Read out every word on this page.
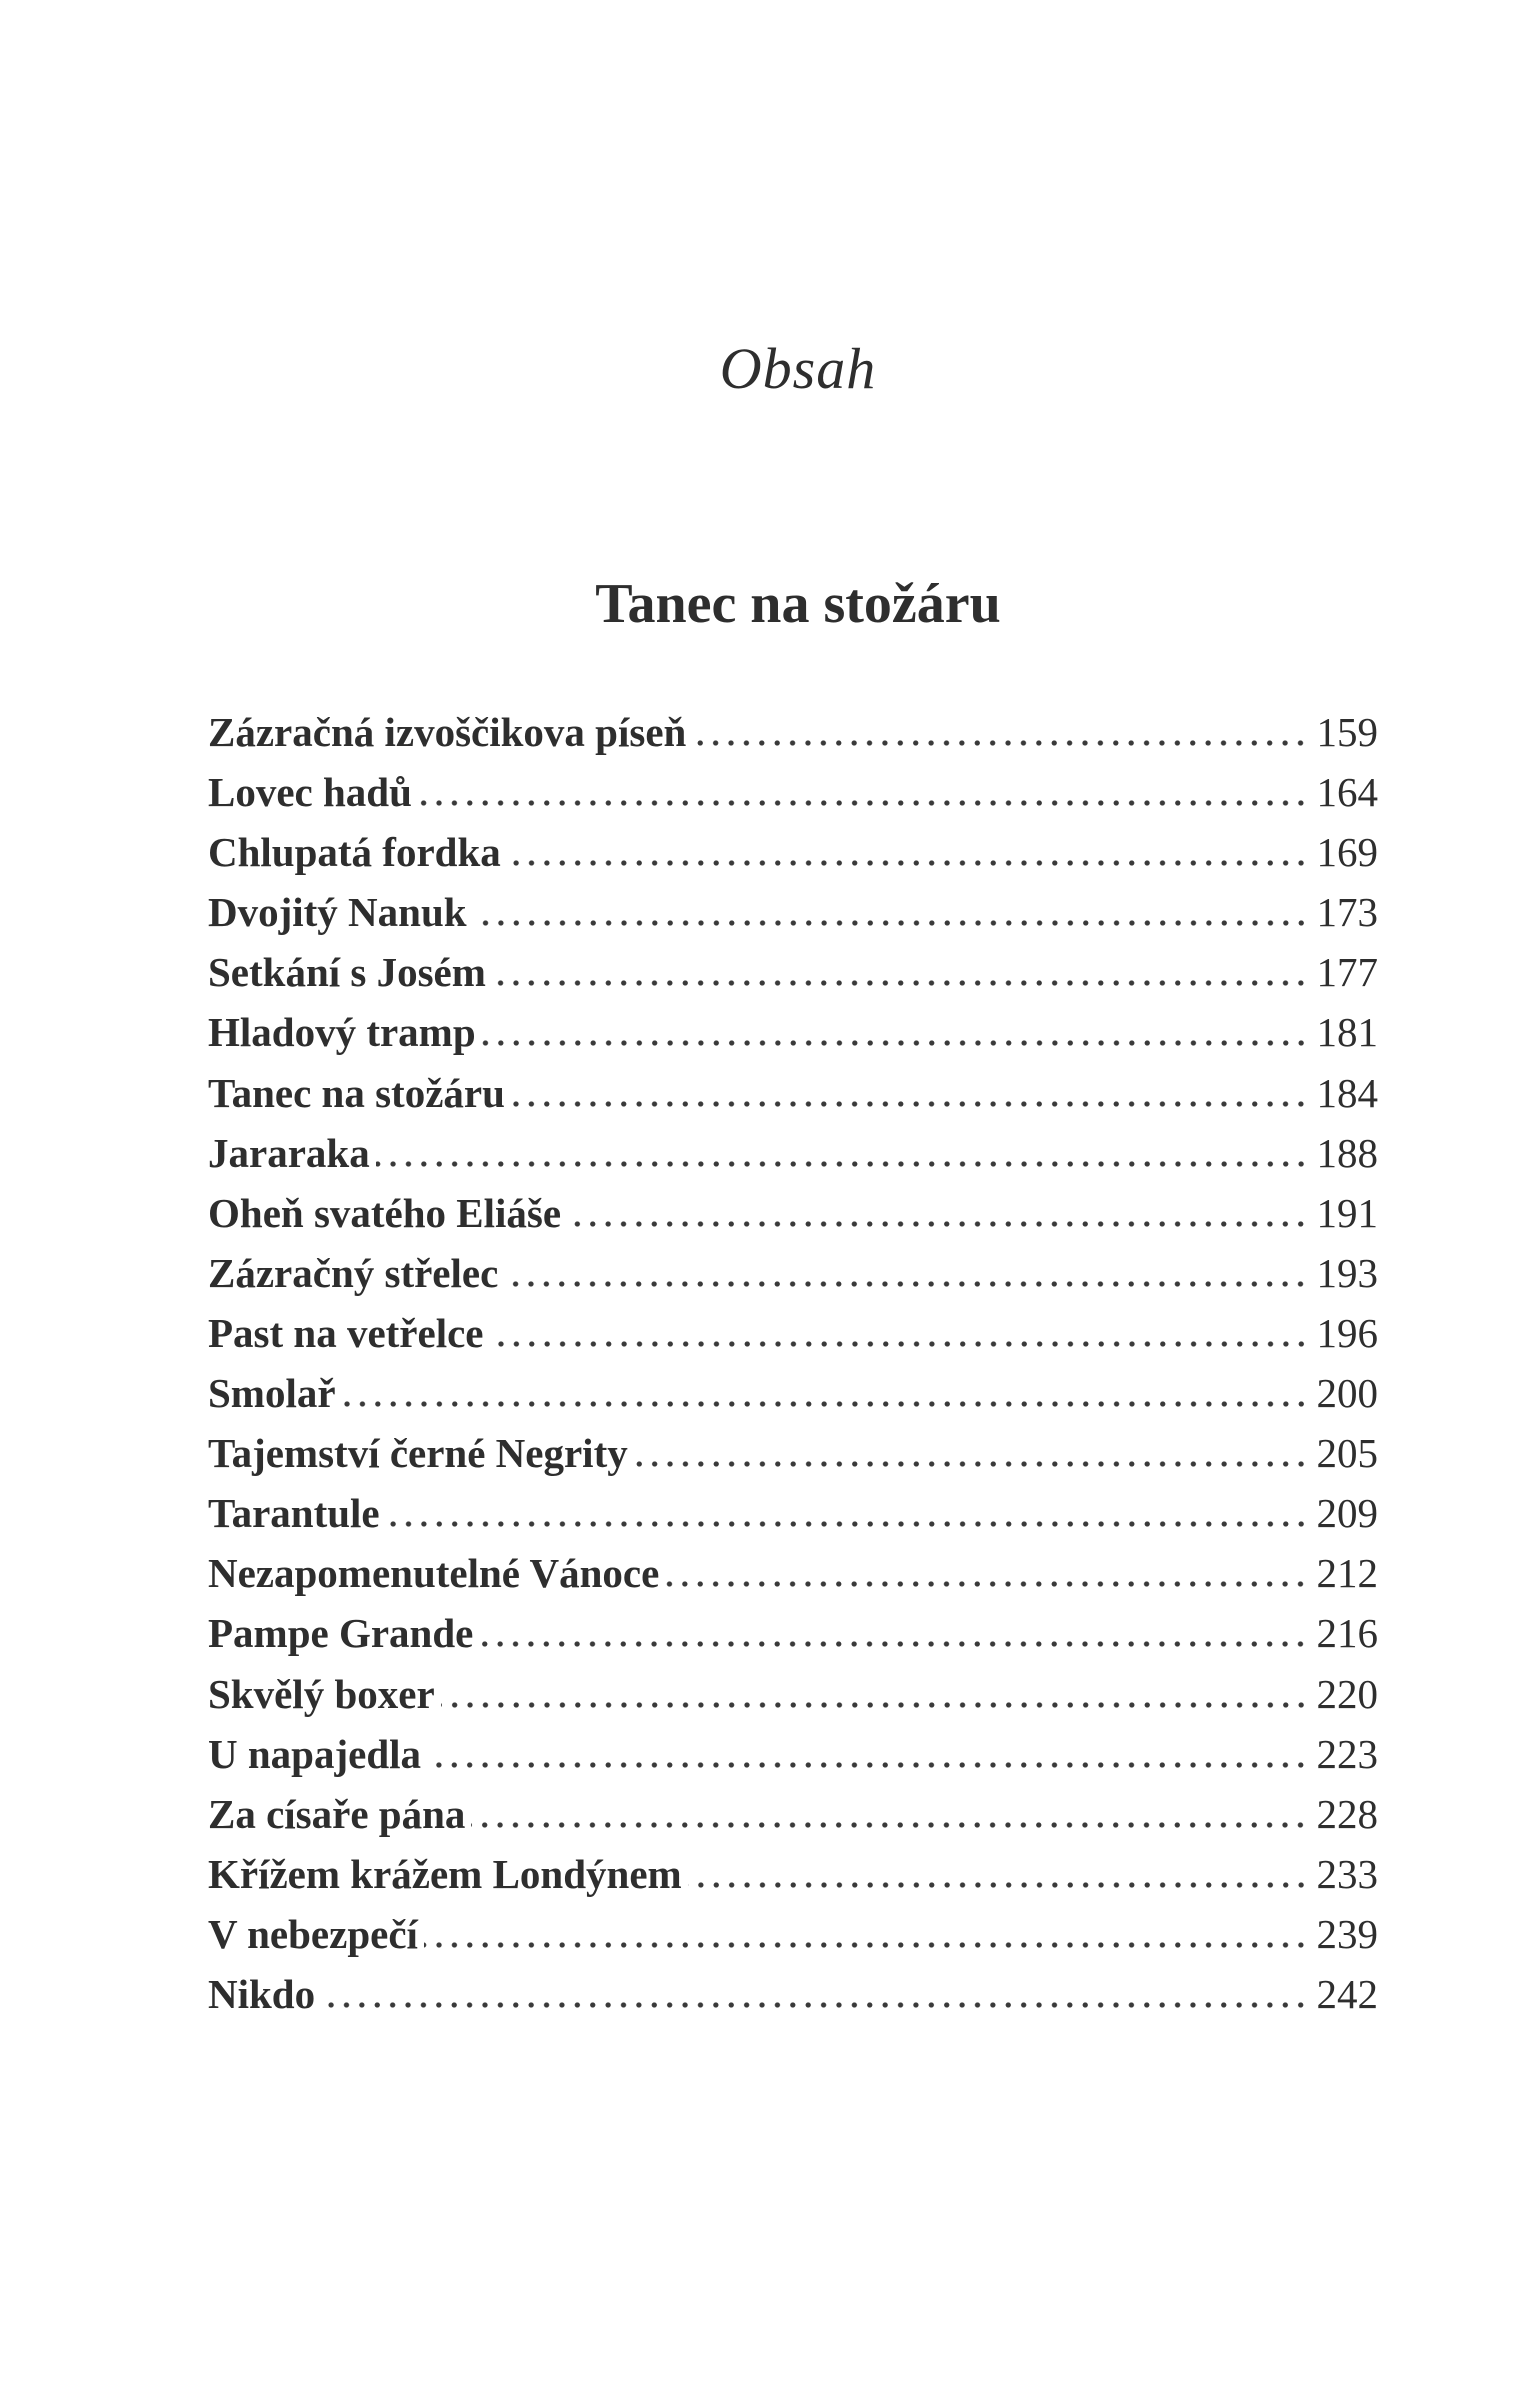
Obsah
Tanec na stožáru
Zázračná izvoščikova píseň	159
Lovec hadů	164
Chlupatá fordka	169
Dvojitý Nanuk	173
Setkání s Josém	177
Hladový tramp	181
Tanec na stožáru	184
Jararaka	188
Oheň svatého Eliáše	191
Zázračný střelec	193
Past na vetřelce	196
Smolař	200
Tajemství černé Negrity	205
Tarantule	209
Nezapomenutelné Vánoce	212
Pampe Grande	216
Skvělý boxer	220
U napajedla	223
Za císaře pána	228
Křížem krážem Londýnem	233
V nebezpečí	239
Nikdo	242
